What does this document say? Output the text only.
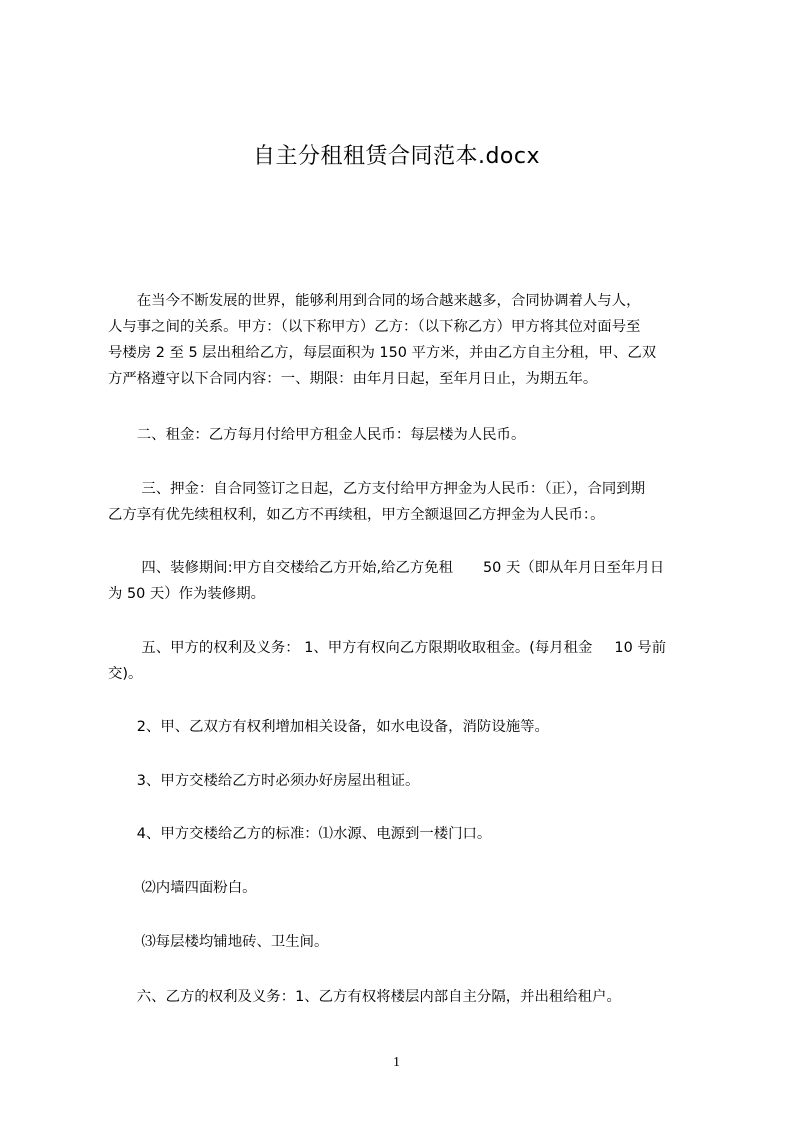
自主分租租赁合同范本.docx
　　在当今不断发展的世界，能够利用到合同的场合越来越多，合同协调着人与人，
人与事之间的关系。甲方：（以下称甲方）乙方：（以下称乙方）甲方将其位对面号至
号楼房 2 至 5 层出租给乙方，每层面积为 150 平方米，并由乙方自主分租，甲、乙双
方严格遵守以下合同内容：一、期限：由年月日起，至年月日止，为期五年。
　　二、租金：乙方每月付给甲方租金人民币：每层楼为人民币。
　　 三、押金：自合同签订之日起，乙方支付给甲方押金为人民币：（正），合同到期
乙方享有优先续租权利，如乙方不再续租，甲方全额退回乙方押金为人民币：。
　　 四、装修期间:甲方自交楼给乙方开始,给乙方免租 50 天（即从年月日至年月日
为 50 天）作为装修期。
　　 五、甲方的权利及义务： 1、甲方有权向乙方限期收取租金。(每月租金 10 号前
交)。
　　2、甲、乙双方有权利增加相关设备，如水电设备，消防设施等。
　　3、甲方交楼给乙方时必须办好房屋出租证。
　　4、甲方交楼给乙方的标准：⑴水源、电源到一楼门口。
　　 ⑵内墙四面粉白。
　　 ⑶每层楼均铺地砖、卫生间。
　　六、乙方的权利及义务：1、乙方有权将楼层内部自主分隔，并出租给租户。
1
